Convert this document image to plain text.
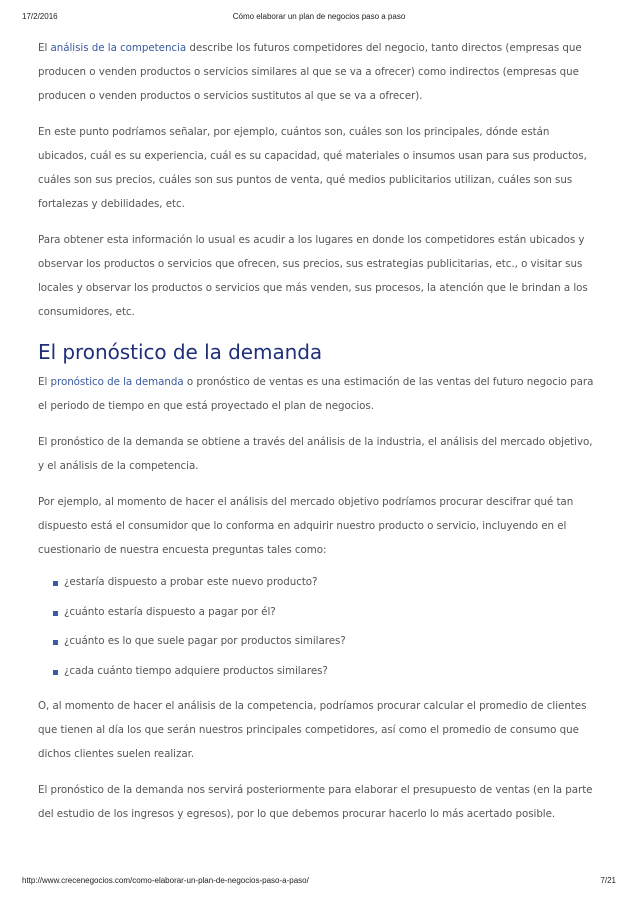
17/2/2016	Cómo elaborar un plan de negocios paso a paso

El análisis de la competencia describe los futuros competidores del negocio, tanto directos (empresas que producen o venden productos o servicios similares al que se va a ofrecer) como indirectos (empresas que producen o venden productos o servicios sustitutos al que se va a ofrecer).

En este punto podríamos señalar, por ejemplo, cuántos son, cuáles son los principales, dónde están ubicados, cuál es su experiencia, cuál es su capacidad, qué materiales o insumos usan para sus productos, cuáles son sus precios, cuáles son sus puntos de venta, qué medios publicitarios utilizan, cuáles son sus fortalezas y debilidades, etc.

Para obtener esta información lo usual es acudir a los lugares en donde los competidores están ubicados y observar los productos o servicios que ofrecen, sus precios, sus estrategias publicitarias, etc., o visitar sus locales y observar los productos o servicios que más venden, sus procesos, la atención que le brindan a los consumidores, etc.

El pronóstico de la demanda

El pronóstico de la demanda o pronóstico de ventas es una estimación de las ventas del futuro negocio para el periodo de tiempo en que está proyectado el plan de negocios.

El pronóstico de la demanda se obtiene a través del análisis de la industria, el análisis del mercado objetivo, y el análisis de la competencia.

Por ejemplo, al momento de hacer el análisis del mercado objetivo podríamos procurar descifrar qué tan dispuesto está el consumidor que lo conforma en adquirir nuestro producto o servicio, incluyendo en el cuestionario de nuestra encuesta preguntas tales como:

¿estaría dispuesto a probar este nuevo producto?
¿cuánto estaría dispuesto a pagar por él?
¿cuánto es lo que suele pagar por productos similares?
¿cada cuánto tiempo adquiere productos similares?

O, al momento de hacer el análisis de la competencia, podríamos procurar calcular el promedio de clientes que tienen al día los que serán nuestros principales competidores, así como el promedio de consumo que dichos clientes suelen realizar.

El pronóstico de la demanda nos servirá posteriormente para elaborar el presupuesto de ventas (en la parte del estudio de los ingresos y egresos), por lo que debemos procurar hacerlo lo más acertado posible.

http://www.crecenegocios.com/como-elaborar-un-plan-de-negocios-paso-a-paso/	7/21
